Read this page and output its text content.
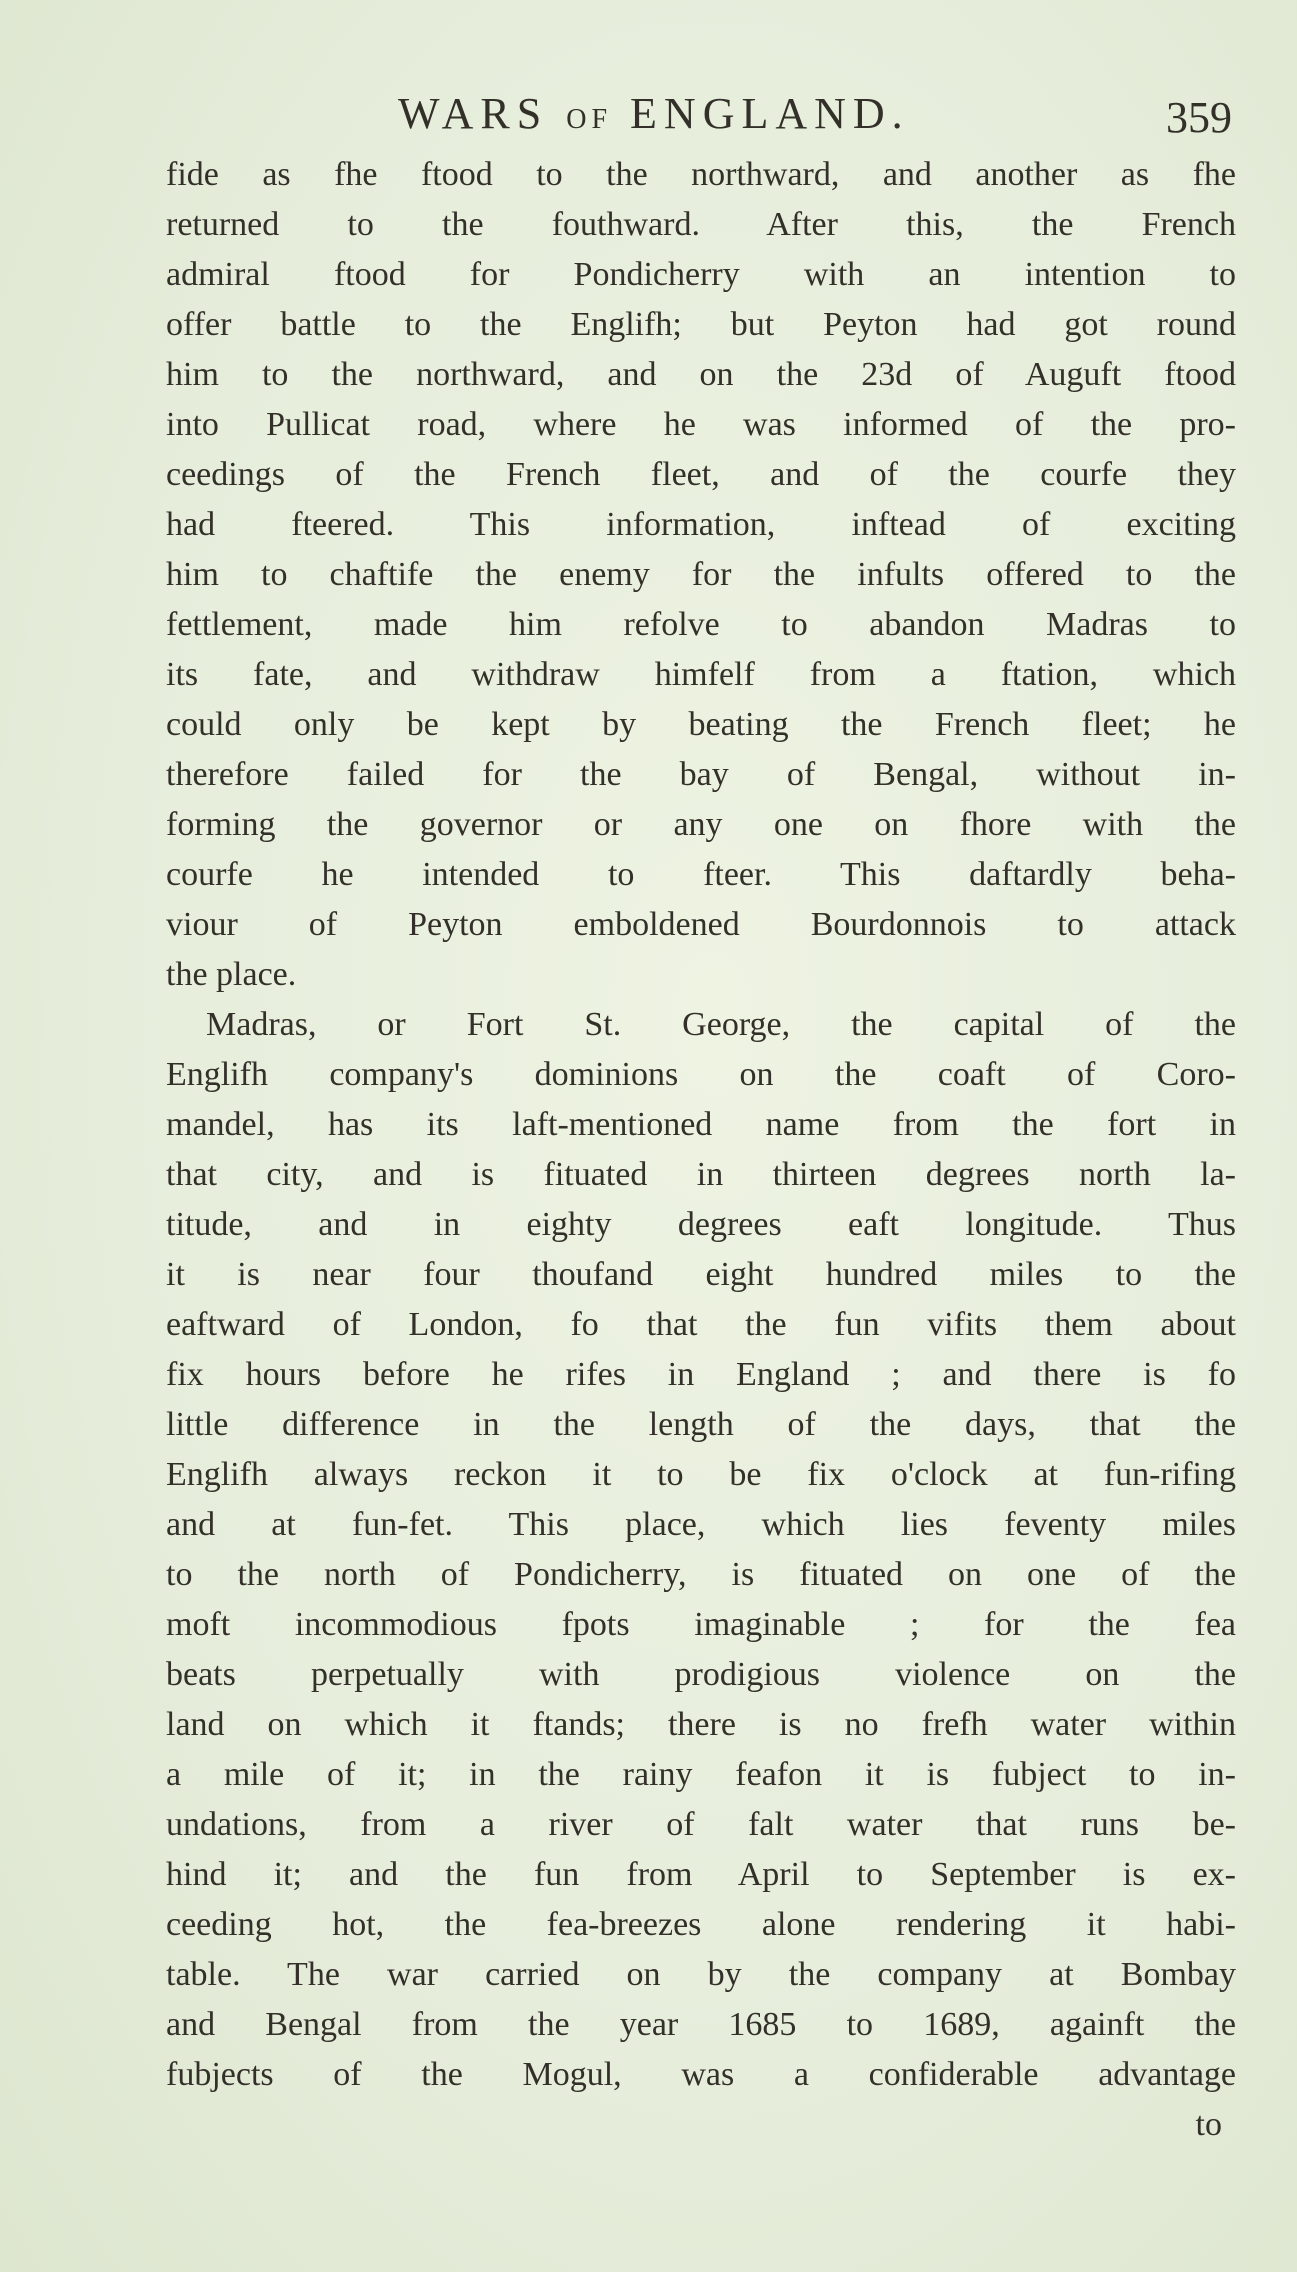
WARS OF ENGLAND.	359
fide as fhe ftood to the northward, and another as fhe
returned to the fouthward. After this, the French
admiral ftood for Pondicherry with an intention to
offer battle to the Englifh; but Peyton had got round
him to the northward, and on the 23d of Auguft ftood
into Pullicat road, where he was informed of the pro-
ceedings of the French fleet, and of the courfe they
had fteered. This information, inftead of exciting
him to chaftife the enemy for the infults offered to the
fettlement, made him refolve to abandon Madras to
its fate, and withdraw himfelf from a ftation, which
could only be kept by beating the French fleet; he
therefore failed for the bay of Bengal, without in-
forming the governor or any one on fhore with the
courfe he intended to fteer. This daftardly beha-
viour of Peyton emboldened Bourdonnois to attack
the place.
Madras, or Fort St. George, the capital of the
Englifh company's dominions on the coaft of Coro-
mandel, has its laft-mentioned name from the fort in
that city, and is fituated in thirteen degrees north la-
titude, and in eighty degrees eaft longitude. Thus
it is near four thoufand eight hundred miles to the
eaftward of London, fo that the fun vifits them about
fix hours before he rifes in England ; and there is fo
little difference in the length of the days, that the
Englifh always reckon it to be fix o'clock at fun-rifing
and at fun-fet. This place, which lies feventy miles
to the north of Pondicherry, is fituated on one of the
moft incommodious fpots imaginable ; for the fea
beats perpetually with prodigious violence on the
land on which it ftands; there is no frefh water within
a mile of it; in the rainy feafon it is fubject to in-
undations, from a river of falt water that runs be-
hind it; and the fun from April to September is ex-
ceeding hot, the fea-breezes alone rendering it habi-
table. The war carried on by the company at Bombay
and Bengal from the year 1685 to 1689, againft the
fubjects of the Mogul, was a confiderable advantage
to
